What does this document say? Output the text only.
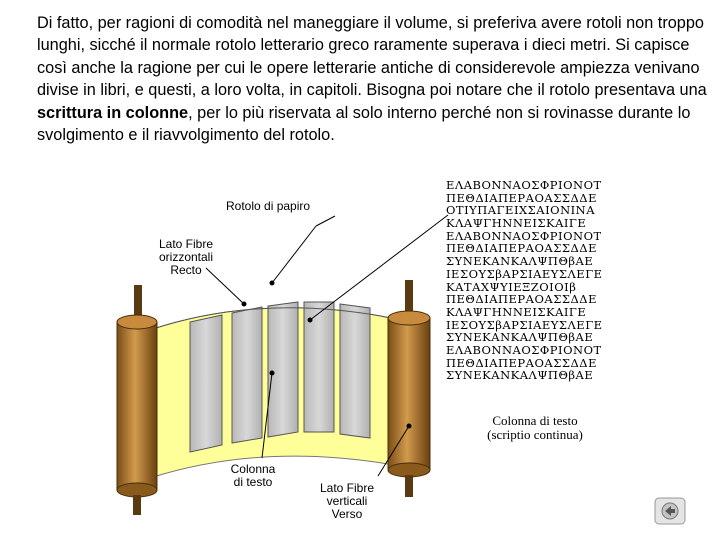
Di fatto, per ragioni di comodità nel maneggiare il volume, si preferiva avere rotoli non troppo lunghi, sicché il normale rotolo letterario greco raramente superava i dieci metri. Si capisce così anche la ragione per cui le opere letterarie antiche di considerevole ampiezza venivano divise in libri, e questi, a loro volta, in capitoli. Bisogna poi notare che il rotolo presentava una scrittura in colonne, per lo più riservata al solo interno perché non si rovinasse durante lo svolgimento e il riavvolgimento del rotolo.
Rotolo di papiro
Lato Fibre
orizzontali
Recto
Colonna
di testo	Lato Fibre
verticali
Verso
ΕΛΑΒΟΝΝΑΟΣΦΡΙΟΝΟΤ
ΠΕΘΔΙΑΠΕΡΑΟΑΣΣΔΔΕ
ΟΤΙΥΠΑΓΕΙΧΣΑΙΟΝΙΝΑ
ΚΛΑΨΓΗΝΝΕΙΣΚΑΙΓΕ
ΕΛΑΒΟΝΝΑΟΣΦΡΙΟΝΟΤ
ΠΕΘΔΙΑΠΕΡΑΟΑΣΣΔΔΕ
ΣΥΝΕΚΑΝΚΑΛΨΠΘβΑΕ
ΙΕΣΟΥΣβΑΡΣΙΑΕΥΣΛΕΓΕ
ΚΑΤΑΧΨΥΙΕΞΖΟΙΟΙβ
ΠΕΘΔΙΑΠΕΡΑΟΑΣΣΔΔΕ
ΚΛΑΨΓΗΝΝΕΙΣΚΑΙΓΕ
ΙΕΣΟΥΣβΑΡΣΙΑΕΥΣΛΕΓΕ
ΣΥΝΕΚΑΝΚΑΛΨΠΘβΑΕ
ΕΛΑΒΟΝΝΑΟΣΦΡΙΟΝΟΤ
ΠΕΘΔΙΑΠΕΡΑΟΑΣΣΔΔΕ
ΣΥΝΕΚΑΝΚΑΛΨΠΘβΑΕ
Colonna di testo
(scriptio continua)
